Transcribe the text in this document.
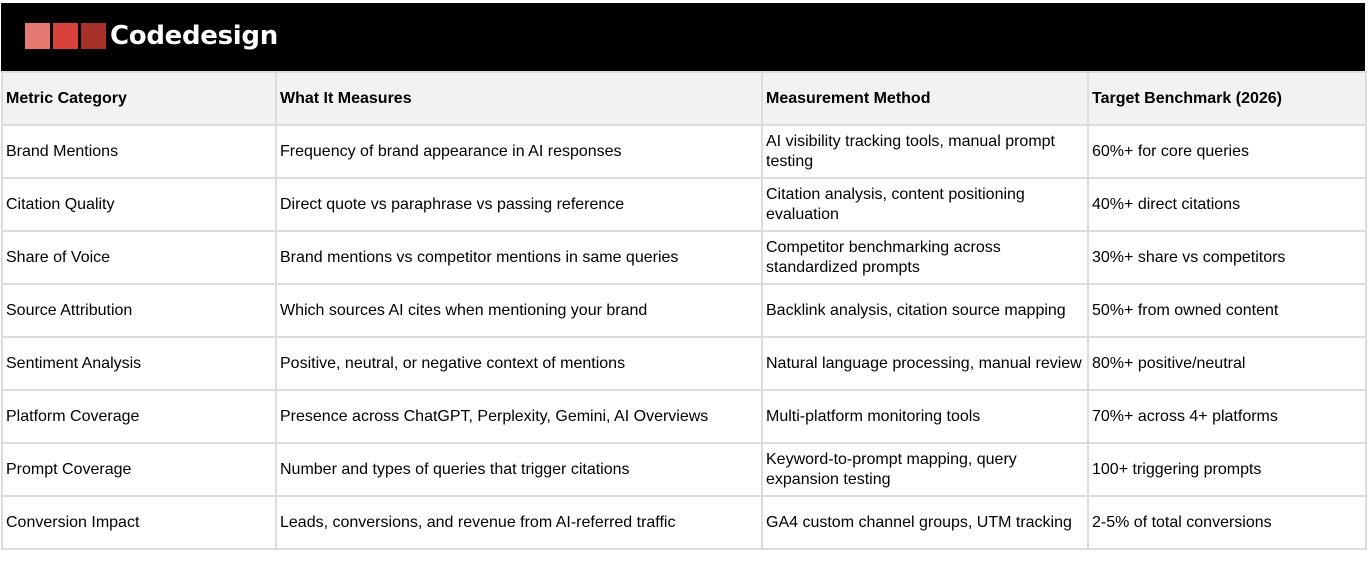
Codedesign
Metric Category	What It Measures	Measurement Method	Target Benchmark (2026)
Brand Mentions	Frequency of brand appearance in AI responses	AI visibility tracking tools, manual prompt testing	60%+ for core queries
Citation Quality	Direct quote vs paraphrase vs passing reference	Citation analysis, content positioning evaluation	40%+ direct citations
Share of Voice	Brand mentions vs competitor mentions in same queries	Competitor benchmarking across standardized prompts	30%+ share vs competitors
Source Attribution	Which sources AI cites when mentioning your brand	Backlink analysis, citation source mapping	50%+ from owned content
Sentiment Analysis	Positive, neutral, or negative context of mentions	Natural language processing, manual review	80%+ positive/neutral
Platform Coverage	Presence across ChatGPT, Perplexity, Gemini, AI Overviews	Multi-platform monitoring tools	70%+ across 4+ platforms
Prompt Coverage	Number and types of queries that trigger citations	Keyword-to-prompt mapping, query expansion testing	100+ triggering prompts
Conversion Impact	Leads, conversions, and revenue from AI-referred traffic	GA4 custom channel groups, UTM tracking	2-5% of total conversions
